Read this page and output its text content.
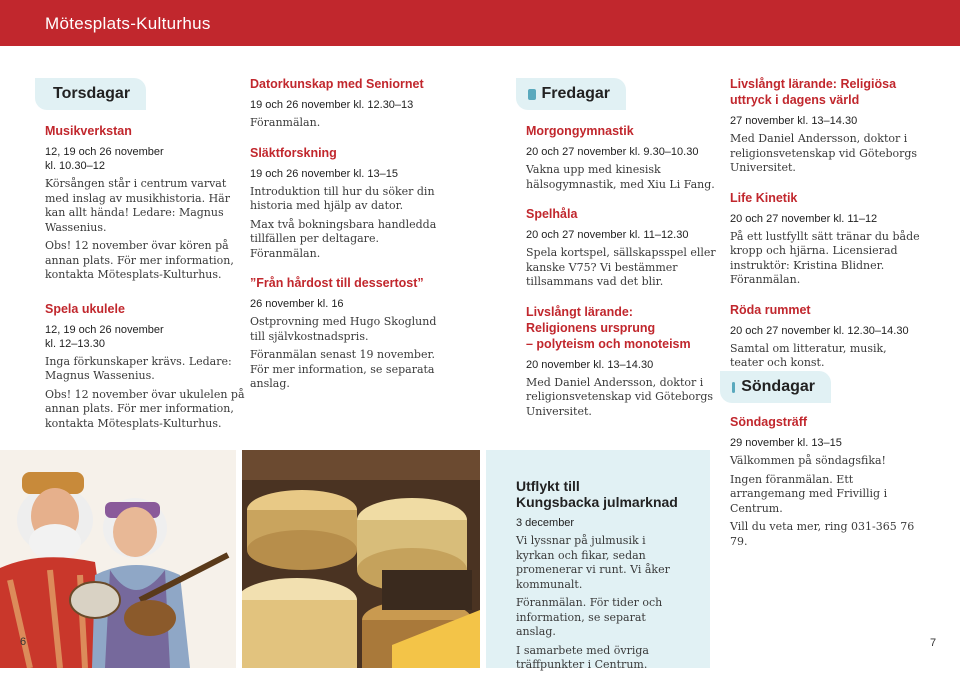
Mötesplats-Kulturhus
Torsdagar
Musikverkstan
12, 19 och 26 november
kl. 10.30–12
Körsången står i centrum varvat med inslag av musikhistoria. Här kan allt hända! Ledare: Magnus Wassenius.
Obs! 12 november övar kören på annan plats. För mer information, kontakta Mötesplats-Kulturhus.
Spela ukulele
12, 19 och 26 november
kl. 12–13.30
Inga förkunskaper krävs. Ledare: Magnus Wassenius.
Obs! 12 november övar ukulelen på annan plats. För mer information, kontakta Mötesplats-Kulturhus.
Datorkunskap med Seniornet
19 och 26 november kl. 12.30–13
Föranmälan.
Släktforskning
19 och 26 november kl. 13–15
Introduktion till hur du söker din historia med hjälp av dator.
Max två bokningsbara handledda tillfällen per deltagare. Föranmälan.
”Från hårdost till dessertost”
26 november kl. 16
Ostprovning med Hugo Skoglund till självkostnadspris.
Föranmälan senast 19 november. För mer information, se separata anslag.
Fredagar
Morgongymnastik
20 och 27 november kl. 9.30–10.30
Vakna upp med kinesisk hälsogymnastik, med Xiu Li Fang.
Spelhåla
20 och 27 november kl. 11–12.30
Spela kortspel, sällskapsspel eller kanske V75? Vi bestämmer tillsammans vad det blir.
Livslångt lärande:
Religionens ursprung
– polyteism och monoteism
20 november kl. 13–14.30
Med Daniel Andersson, doktor i religionsvetenskap vid Göteborgs Universitet.
Livslångt lärande: Religiösa uttryck i dagens värld
27 november kl. 13–14.30
Med Daniel Andersson, doktor i religionsvetenskap vid Göteborgs Universitet.
Life Kinetik
20 och 27 november kl. 11–12
På ett lustfyllt sätt tränar du både kropp och hjärna. Licensierad instruktör: Kristina Blidner. Föranmälan.
Röda rummet
20 och 27 november kl. 12.30–14.30
Samtal om litteratur, musik, teater och konst.
Söndagar
Söndagsträff
29 november kl. 13–15
Välkommen på söndagsfika!
Ingen föranmälan. Ett arrangemang med Frivillig i Centrum.
Vill du veta mer, ring 031-365 76 79.
6
Utflykt till
Kungsbacka julmarknad
3 december
Vi lyssnar på julmusik i kyrkan och fikar, sedan promenerar vi runt. Vi åker kommunalt.
Föranmälan. För tider och information, se separat anslag.
I samarbete med övriga träffpunkter i Centrum.
7
